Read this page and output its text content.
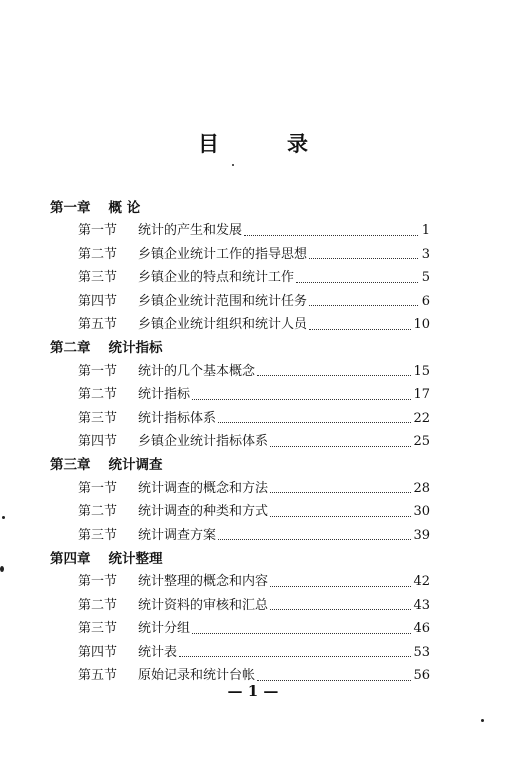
目	录
第一章 概 论
第一节	统计的产生和发展	1
第二节	乡镇企业统计工作的指导思想	3
第三节	乡镇企业的特点和统计工作	5
第四节	乡镇企业统计范围和统计任务	6
第五节	乡镇企业统计组织和统计人员	10
第二章 统计指标
第一节	统计的几个基本概念	15
第二节	统计指标	17
第三节	统计指标体系	22
第四节	乡镇企业统计指标体系	25
第三章 统计调查
第一节	统计调查的概念和方法	28
第二节	统计调查的种类和方式	30
第三节	统计调查方案	39
第四章 统计整理
第一节	统计整理的概念和内容	42
第二节	统计资料的审核和汇总	43
第三节	统计分组	46
第四节	统计表	53
第五节	原始记录和统计台帐	56
— 1 —
